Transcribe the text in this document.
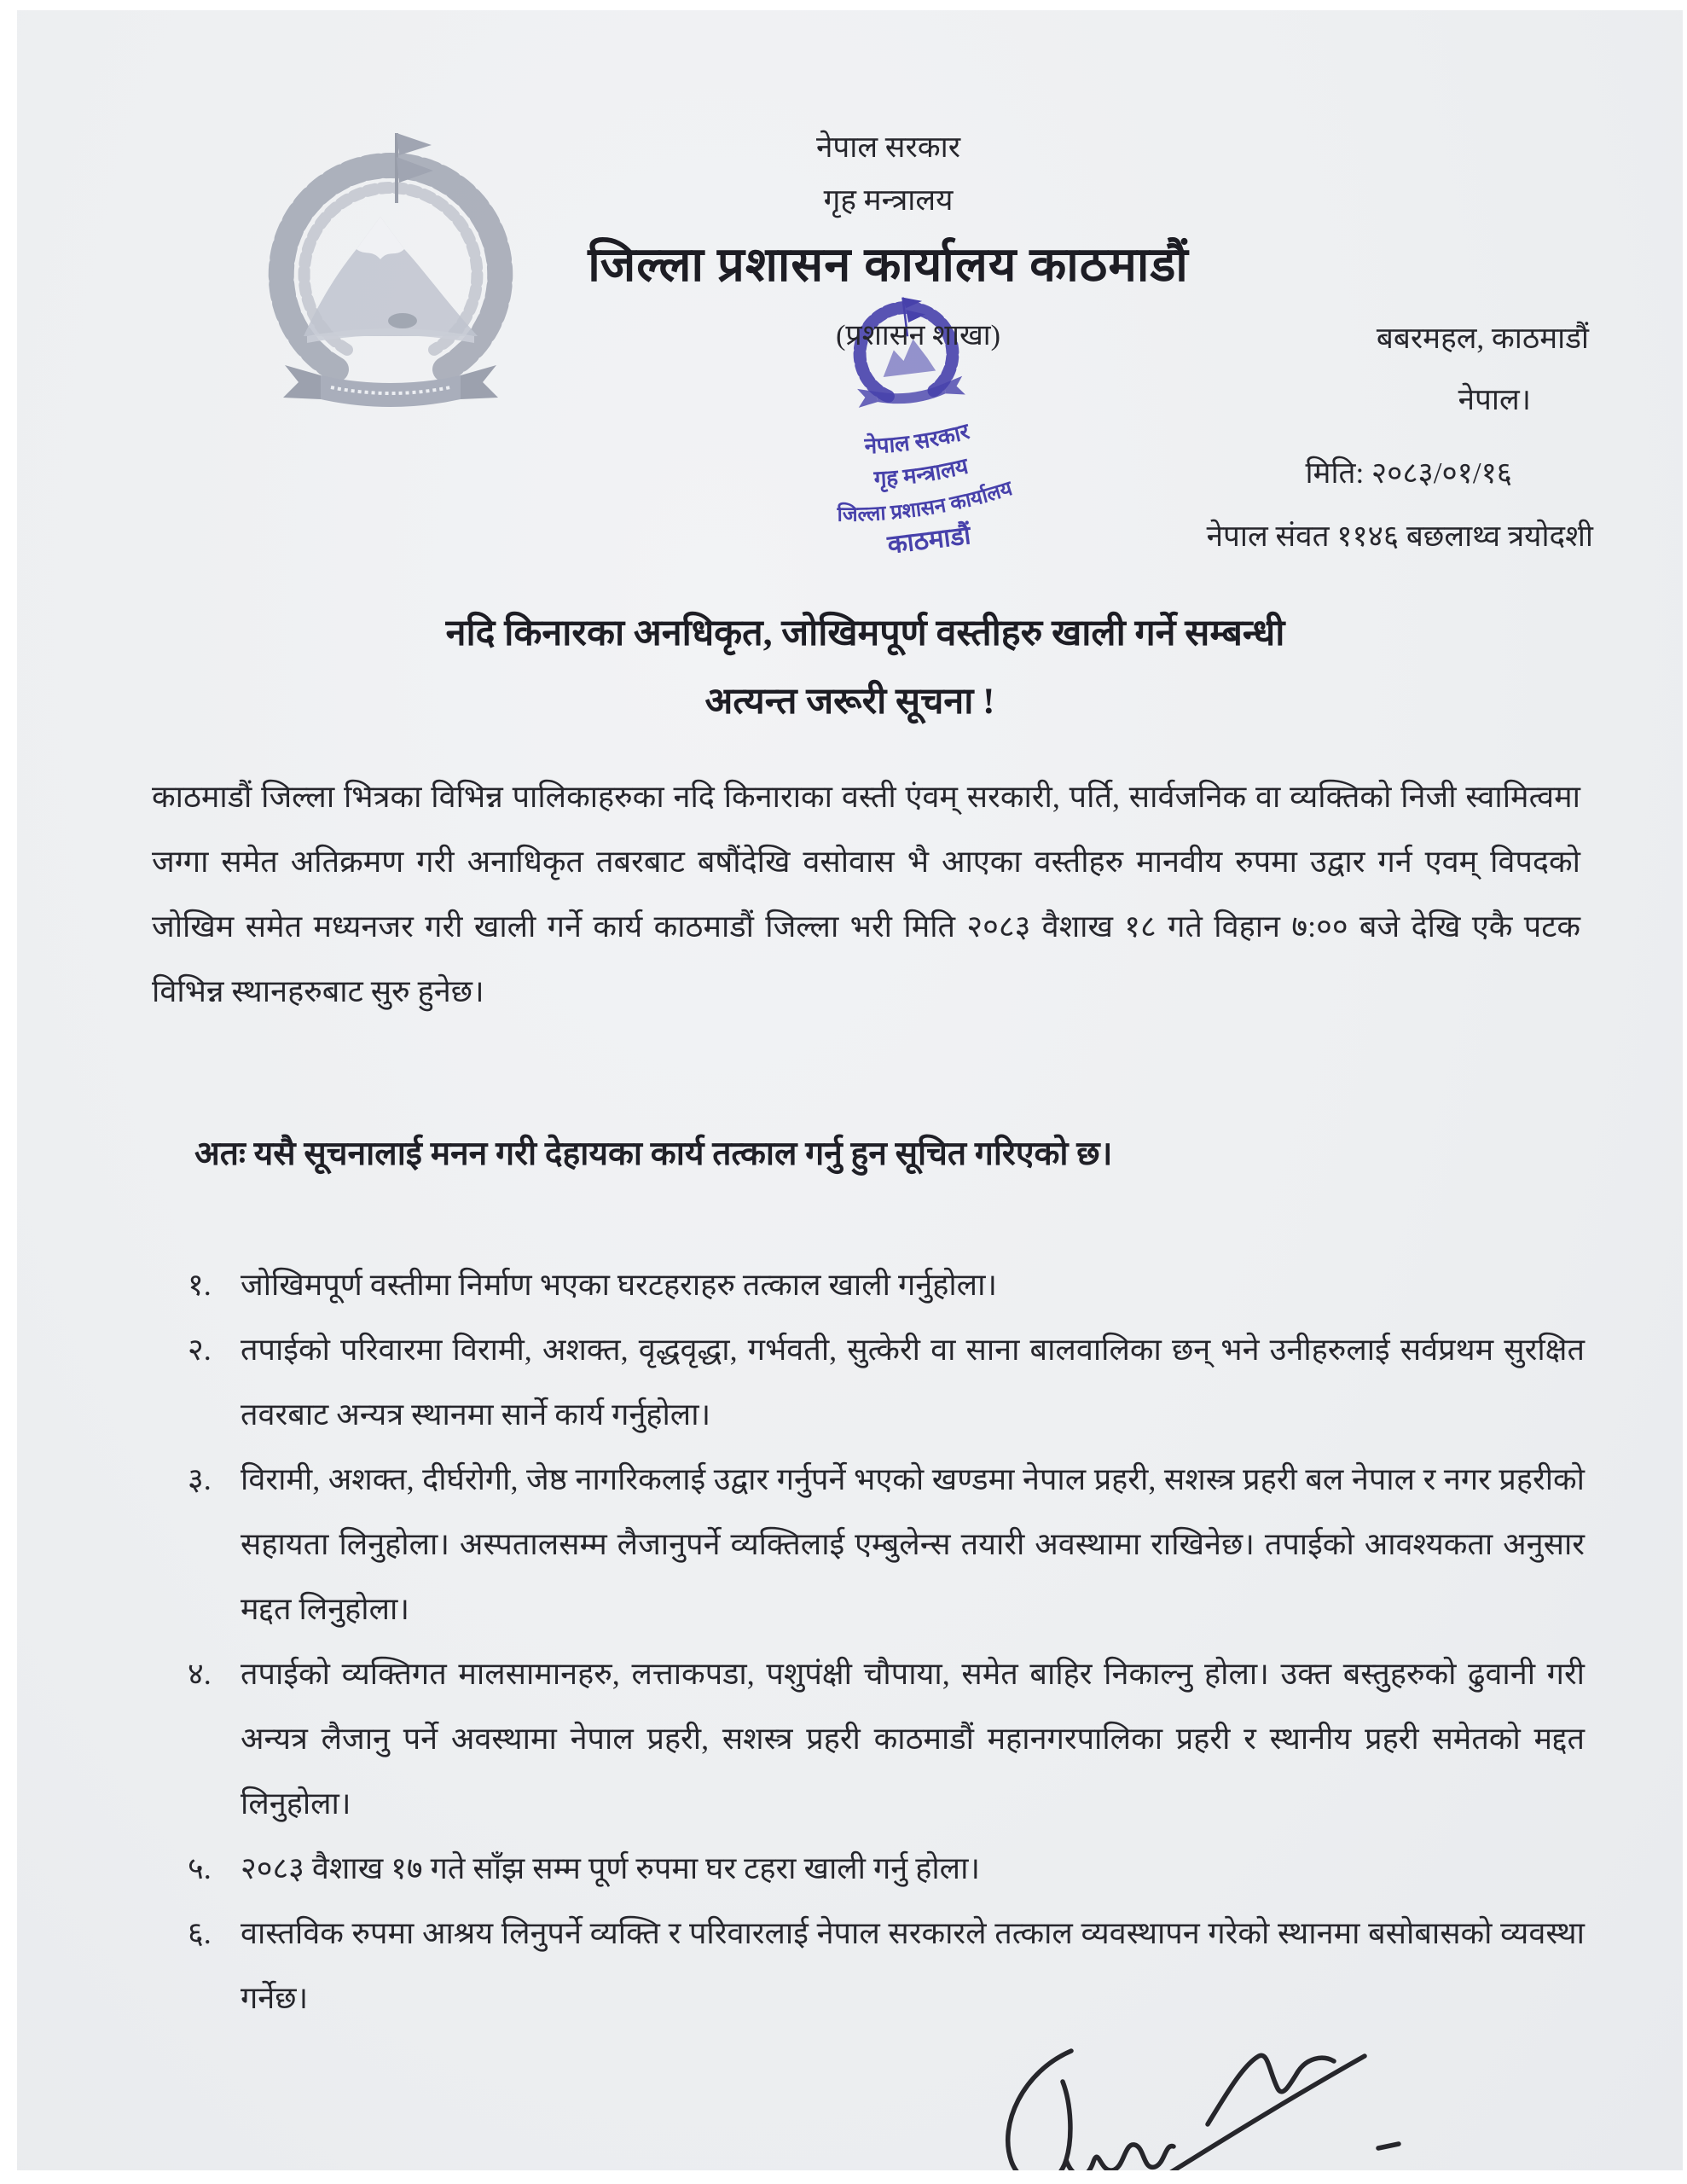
नेपाल सरकार
गृह मन्त्रालय
जिल्ला प्रशासन कार्यालय काठमाडौं
(प्रशासन शाखा)
नेपाल सरकार
गृह मन्त्रालय
जिल्ला प्रशासन कार्यालय
काठमाडौं
बबरमहल, काठमाडौं
नेपाल।
मिति: २०८३/०१/१६
नेपाल संवत ११४६ बछलाथ्व त्रयोदशी
नदि किनारका अनधिकृत, जोखिमपूर्ण वस्तीहरु खाली गर्ने सम्बन्धी
अत्यन्त जरूरी सूचना !
काठमाडौं जिल्ला भित्रका विभिन्न पालिकाहरुका नदि किनाराका वस्ती एंवम् सरकारी, पर्ति, सार्वजनिक वा व्यक्तिको निजी स्वामित्वमा जग्गा समेत अतिक्रमण गरी अनाधिकृत तबरबाट बषौंदेखि वसोवास भै आएका वस्तीहरु मानवीय रुपमा उद्वार गर्न एवम् विपदको जोखिम समेत मध्यनजर गरी खाली गर्ने कार्य काठमाडौं जिल्ला भरी मिति २०८३ वैशाख १८ गते विहान ७:०० बजे देखि एकै पटक विभिन्न स्थानहरुबाट सुरु हुनेछ।
अतः यसै सूचनालाई मनन गरी देहायका कार्य तत्काल गर्नु हुन सूचित गरिएको छ।
१. जोखिमपूर्ण वस्तीमा निर्माण भएका घरटहराहरु तत्काल खाली गर्नुहोला।
२. तपाईको परिवारमा विरामी, अशक्त, वृद्धवृद्धा, गर्भवती, सुत्केरी वा साना बालवालिका छन् भने उनीहरुलाई सर्वप्रथम सुरक्षित तवरबाट अन्यत्र स्थानमा सार्ने कार्य गर्नुहोला।
३. विरामी, अशक्त, दीर्घरोगी, जेष्ठ नागरिकलाई उद्वार गर्नुपर्ने भएको खण्डमा नेपाल प्रहरी, सशस्त्र प्रहरी बल नेपाल र नगर प्रहरीको सहायता लिनुहोला। अस्पतालसम्म लैजानुपर्ने व्यक्तिलाई एम्बुलेन्स तयारी अवस्थामा राखिनेछ। तपाईको आवश्यकता अनुसार मद्दत लिनुहोला।
४. तपाईको व्यक्तिगत मालसामानहरु, लत्ताकपडा, पशुपंक्षी चौपाया, समेत बाहिर निकाल्नु होला। उक्त बस्तुहरुको ढुवानी गरी अन्यत्र लैजानु पर्ने अवस्थामा नेपाल प्रहरी, सशस्त्र प्रहरी काठमाडौं महानगरपालिका प्रहरी र स्थानीय प्रहरी समेतको मद्दत लिनुहोला।
५. २०८३ वैशाख १७ गते साँझ सम्म पूर्ण रुपमा घर टहरा खाली गर्नु होला।
६. वास्तविक रुपमा आश्रय लिनुपर्ने व्यक्ति र परिवारलाई नेपाल सरकारले तत्काल व्यवस्थापन गरेको स्थानमा बसोबासको व्यवस्था गर्नेछ।
